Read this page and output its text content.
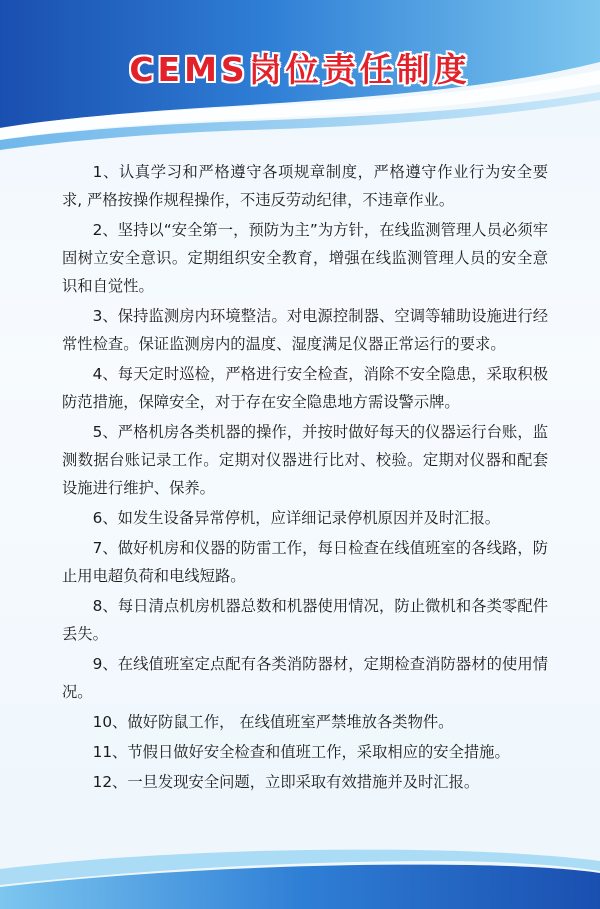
CEMS岗位责任制度

1、认真学习和严格遵守各项规章制度，严格遵守作业行为安全要求, 严格按操作规程操作，不违反劳动纪律，不违章作业。

2、坚持以“安全第一，预防为主”为方针，在线监测管理人员必须牢固树立安全意识。定期组织安全教育，增强在线监测管理人员的安全意识和自觉性。

3、保持监测房内环境整洁。对电源控制器、空调等辅助设施进行经常性检查。保证监测房内的温度、湿度满足仪器正常运行的要求。

4、每天定时巡检，严格进行安全检查，消除不安全隐患，采取积极防范措施，保障安全，对于存在安全隐患地方需设警示牌。

5、严格机房各类机器的操作，并按时做好每天的仪器运行台账，监测数据台账记录工作。定期对仪器进行比对、校验。定期对仪器和配套设施进行维护、保养。

6、如发生设备异常停机，应详细记录停机原因并及时汇报。

7、做好机房和仪器的防雷工作，每日检查在线值班室的各线路，防止用电超负荷和电线短路。

8、每日清点机房机器总数和机器使用情况，防止微机和各类零配件丢失。

9、在线值班室定点配有各类消防器材，定期检查消防器材的使用情况。

10、做好防鼠工作， 在线值班室严禁堆放各类物件。

11、节假日做好安全检查和值班工作，采取相应的安全措施。

12、一旦发现安全问题，立即采取有效措施并及时汇报。
